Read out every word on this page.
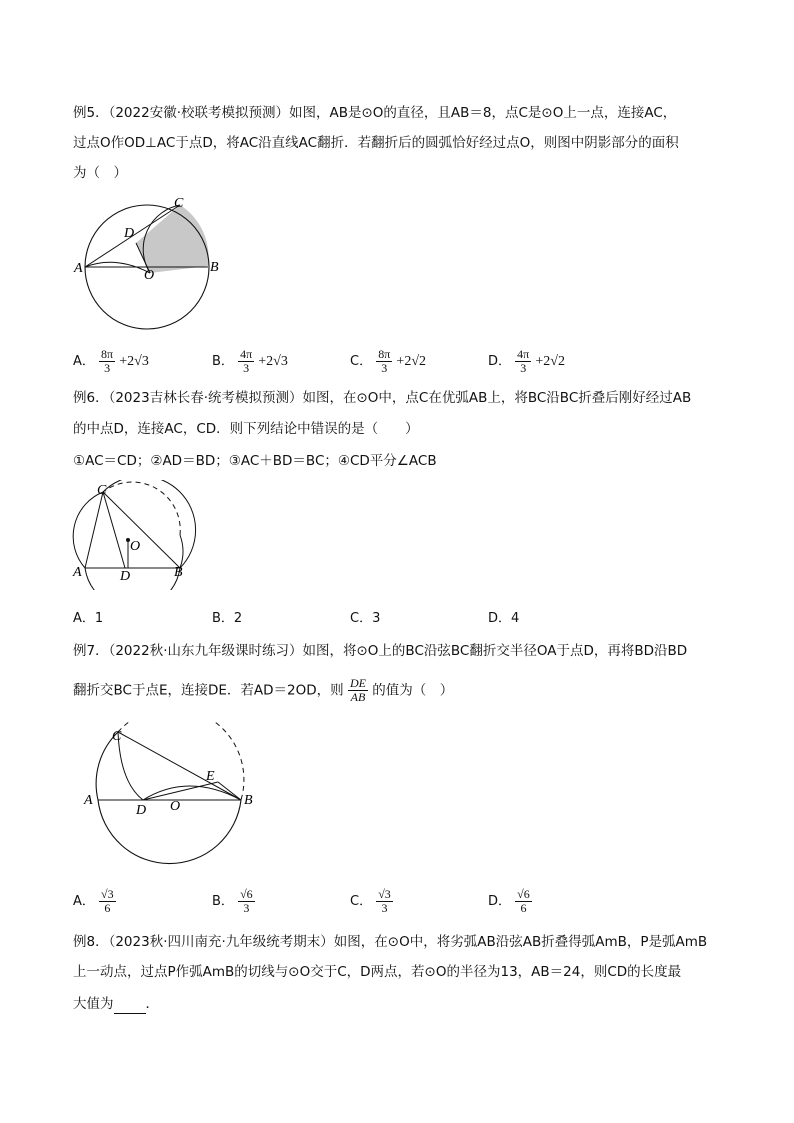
例5．（2022安徽·校联考模拟预测）如图，AB是⊙O的直径，且AB＝8，点C是⊙O上一点，连接AC，
过点O作OD⊥AC于点D，将AC沿直线AC翻折．若翻折后的圆弧恰好经过点O，则图中阴影部分的面积
为（　）
A	B
C
D
O
A． $\frac{8\pi}{3} +2√3$	B． $\frac{4\pi}{3} +2√3$	C． $\frac{8\pi}{3} +2√2$	D． $\frac{4\pi}{3} +2√2$
例6．（2023吉林长春·统考模拟预测）如图，在⊙O中，点C在优弧AB上，将BC沿BC折叠后刚好经过AB
的中点D，连接AC，CD．则下列结论中错误的是（　　）
①AC＝CD；②AD＝BD；③AC＋BD＝BC；④CD平分∠ACB
C
A	B
D
O
A．1	B．2	C．3	D．4
例7．（2022秋·山东九年级课时练习）如图，将⊙O上的BC沿弦BC翻折交半径OA于点D，再将BD沿BD
翻折交BC于点E，连接DE．若AD＝2OD，则 $\frac{DE}{AB}$ 的值为（　）
C
A	B
D O
E
A． $\frac{√3}{6}$	B． $\frac{√6}{3}$	C． $\frac{√3}{3}$	D． $\frac{√6}{6}$
例8．（2023秋·四川南充·九年级统考期末）如图，在⊙O中，将劣弧AB沿弦AB折叠得弧AmB，P是弧AmB
上一动点，过点P作弧AmB的切线与⊙O交于C，D两点，若⊙O的半径为13，AB＝24，则CD的长度最
大值为 ．
